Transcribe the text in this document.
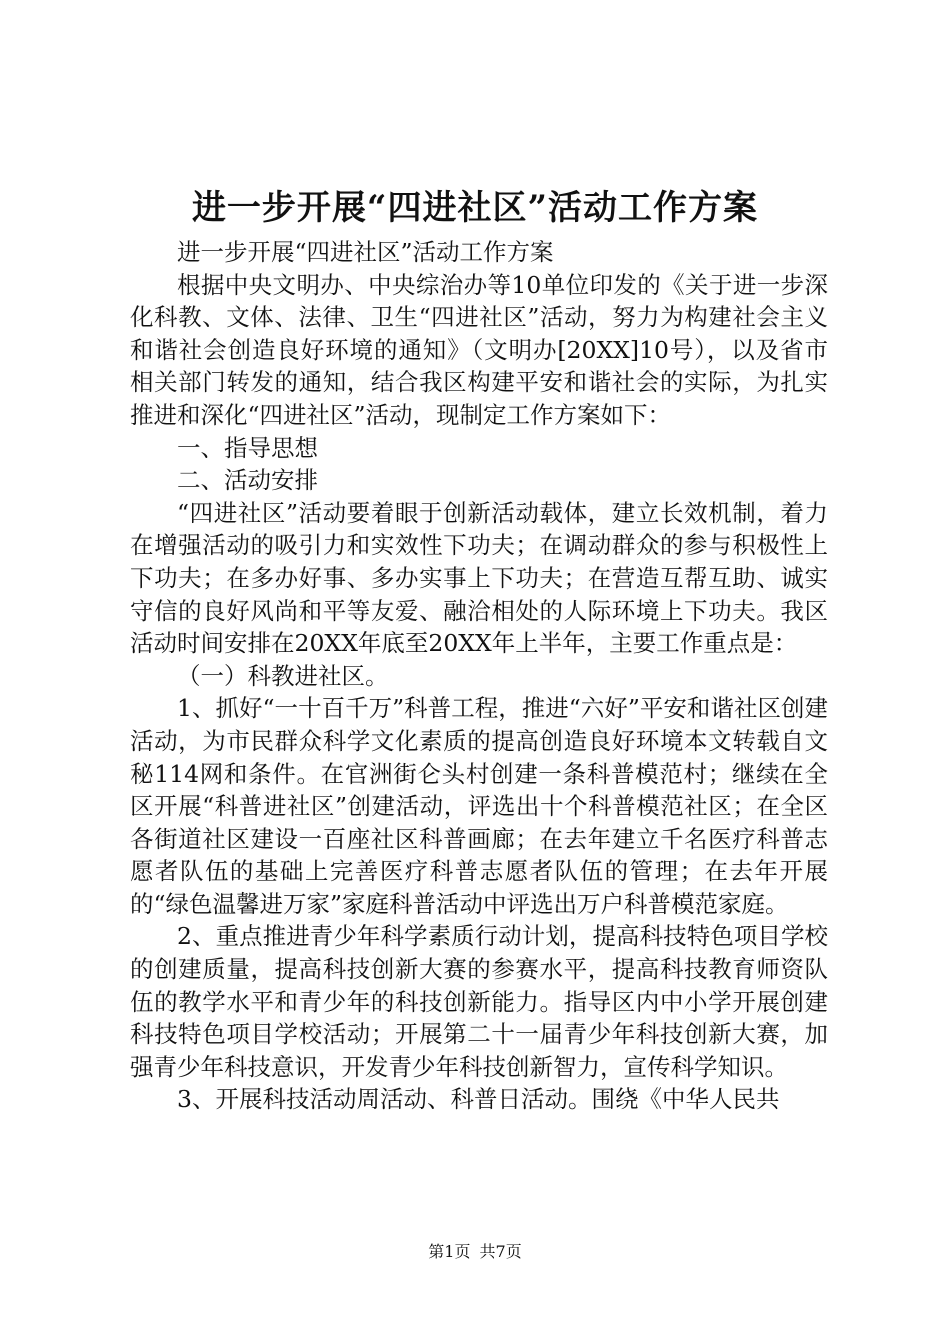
进一步开展“四进社区”活动工作方案

进一步开展“四进社区”活动工作方案

根据中央文明办、中央综治办等10单位印发的《关于进一步深化科教、文体、法律、卫生“四进社区”活动，努力为构建社会主义和谐社会创造良好环境的通知》（文明办[20XX]10号），以及省市相关部门转发的通知，结合我区构建平安和谐社会的实际，为扎实推进和深化“四进社区”活动，现制定工作方案如下：

一、指导思想

二、活动安排

“四进社区”活动要着眼于创新活动载体，建立长效机制，着力在增强活动的吸引力和实效性下功夫；在调动群众的参与积极性上下功夫；在多办好事、多办实事上下功夫；在营造互帮互助、诚实守信的良好风尚和平等友爱、融洽相处的人际环境上下功夫。我区活动时间安排在20XX年底至20XX年上半年，主要工作重点是：

（一）科教进社区。

1、抓好“一十百千万”科普工程，推进“六好”平安和谐社区创建活动，为市民群众科学文化素质的提高创造良好环境本文转载自文秘114网和条件。在官洲街仑头村创建一条科普模范村；继续在全区开展“科普进社区”创建活动，评选出十个科普模范社区；在全区各街道社区建设一百座社区科普画廊；在去年建立千名医疗科普志愿者队伍的基础上完善医疗科普志愿者队伍的管理；在去年开展的“绿色温馨进万家”家庭科普活动中评选出万户科普模范家庭。

2、重点推进青少年科学素质行动计划，提高科技特色项目学校的创建质量，提高科技创新大赛的参赛水平，提高科技教育师资队伍的教学水平和青少年的科技创新能力。指导区内中小学开展创建科技特色项目学校活动；开展第二十一届青少年科技创新大赛，加强青少年科技意识，开发青少年科技创新智力，宣传科学知识。

3、开展科技活动周活动、科普日活动。围绕《中华人民共

第1页 共7页
